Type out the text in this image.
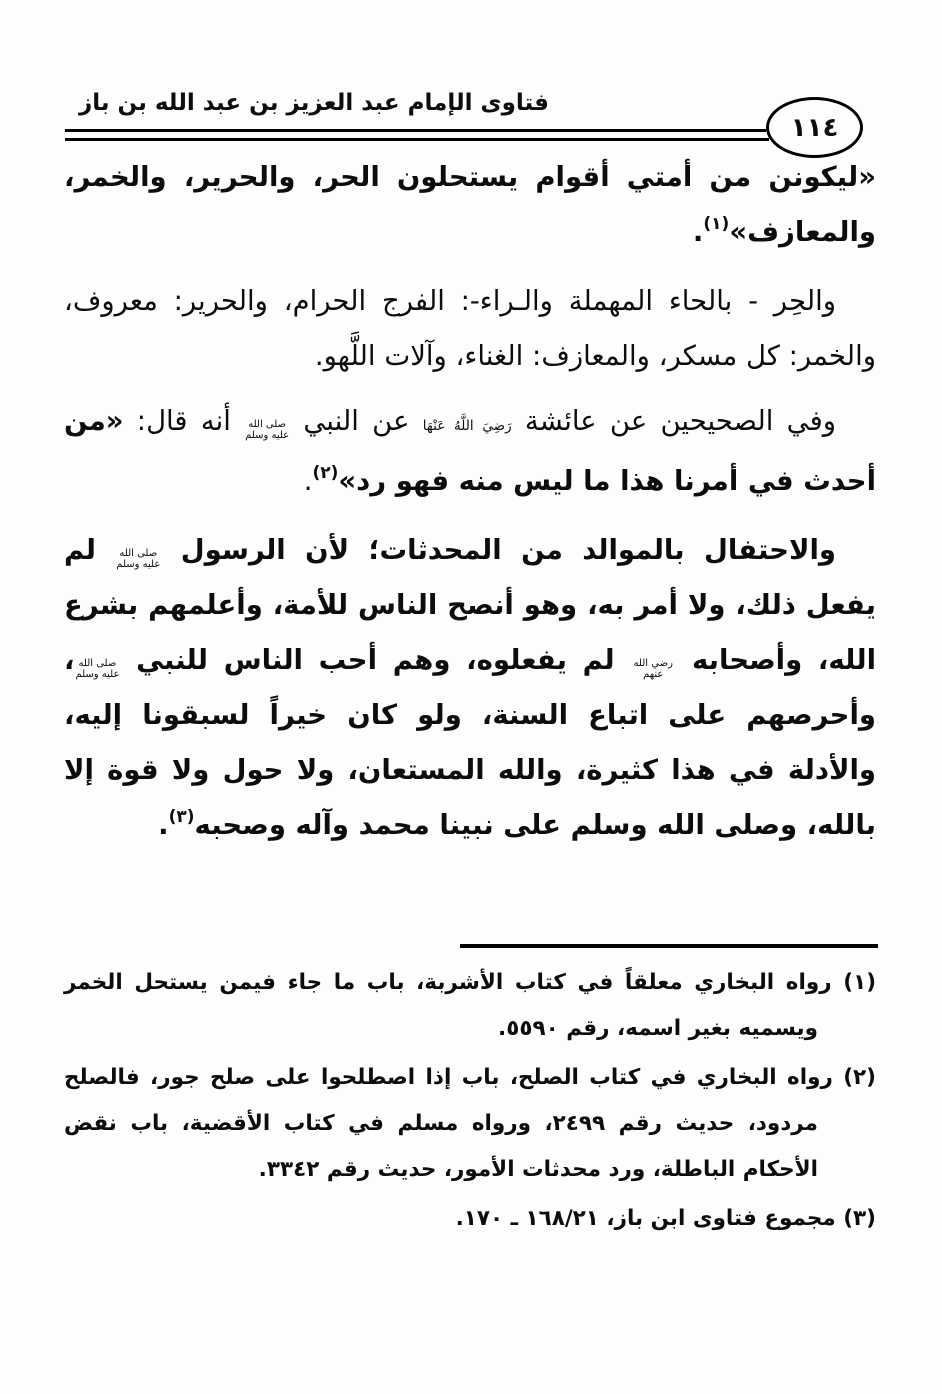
فتاوى الإمام عبد العزيز بن عبد الله بن باز
١١٤

«ليكونن من أمتي أقوام يستحلون الحر، والحرير، والخمر، والمعازف»$^{(١)}$.

والحِر - بالحاء المهملة والـراء-: الفرج الحرام، والحرير: معروف، والخمر: كل مسكر، والمعازف: الغناء، وآلات اللَّهو.

وفي الصحيحين عن عائشة رَضِيَ اللَّهُ عَنْهَا عن النبي صلى الله عليه وسلم أنه قال: «من أحدث في أمرنا هذا ما ليس منه فهو رد»$^{(٢)}$.

والاحتفال بالموالد من المحدثات؛ لأن الرسول صلى الله عليه وسلم لم يفعل ذلك، ولا أمر به، وهو أنصح الناس للأمة، وأعلمهم بشرع الله، وأصحابه رضي الله عنهم لم يفعلوه، وهم أحب الناس للنبي صلى الله عليه وسلم، وأحرصهم على اتباع السنة، ولو كان خيراً لسبقونا إليه، والأدلة في هذا كثيرة، والله المستعان، ولا حول ولا قوة إلا بالله، وصلى الله وسلم على نبينا محمد وآله وصحبه$^{(٣)}$.

(١) رواه البخاري معلقاً في كتاب الأشربة، باب ما جاء فيمن يستحل الخمر ويسميه بغير اسمه، رقم ٥٥٩٠.

(٢) رواه البخاري في كتاب الصلح، باب إذا اصطلحوا على صلح جور، فالصلح مردود، حديث رقم ٢٤٩٩، ورواه مسلم في كتاب الأقضية، باب نقض الأحكام الباطلة، ورد محدثات الأمور، حديث رقم ٣٣٤٢.

(٣) مجموع فتاوى ابن باز، ١٦٨/٢١ ـ ١٧٠.
